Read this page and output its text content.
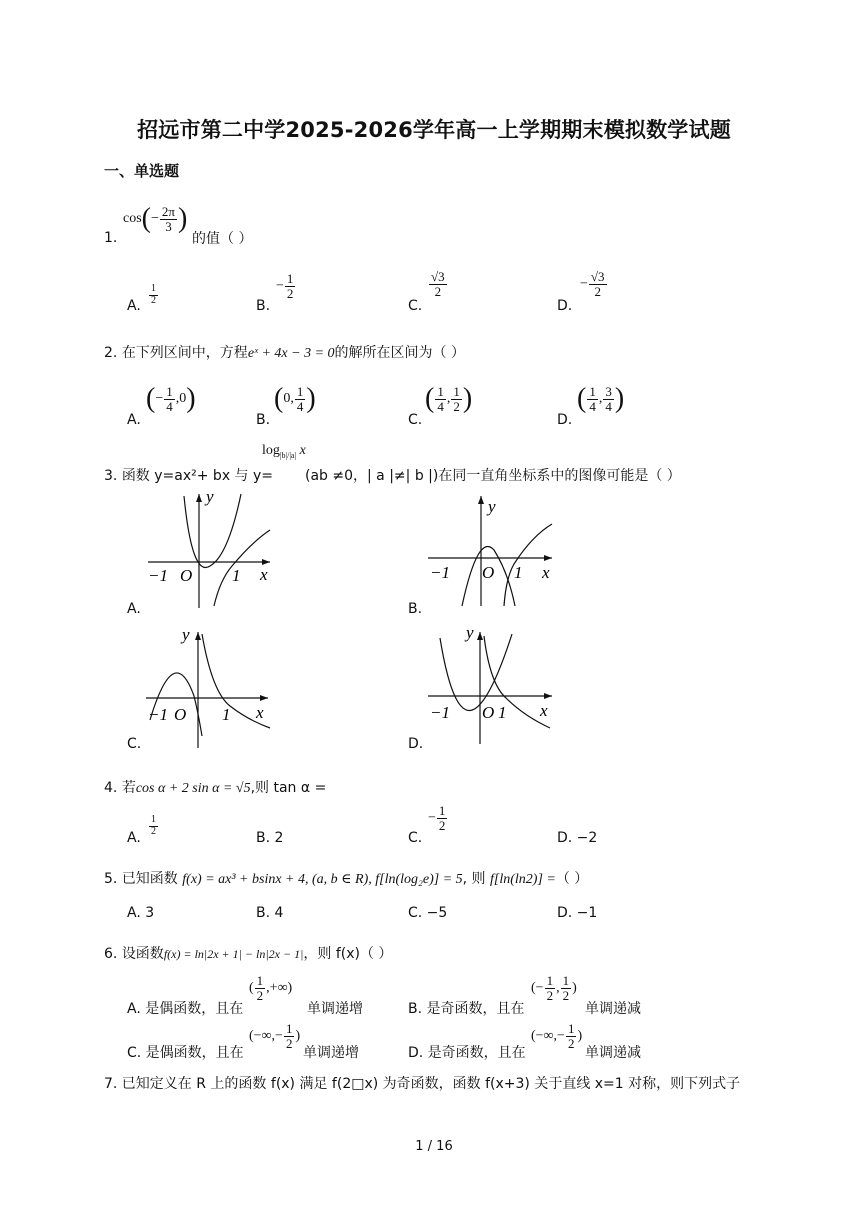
招远市第二中学2025-2026学年高一上学期期末模拟数学试题
一、单选题
1.
$\cos(- \frac{2\pi}{3}$ )
的值（ ）
A. $\frac{1}{2}$	B.
− $\frac{1}{2}$
C.
$\frac{√3}{2}$
D.
− $\frac{√3}{2}$
2. 在下列区间中，方程eˣ + 4x − 3 = 0的解所在区间为（ ）
A.
(− $\frac{1}{4} ,0$)
B.
(0, $\frac{1}{4}$ )
C.
( $\frac{1}{4}$ , $\frac{1}{2}$ )
D.
( $\frac{1}{4}$ , $\frac{3}{4}$ )
3. 函数 y=ax²+ bx 与 y=
$\log_{|b|/|a|} x$
(ab ≠0，| a |≠| b |)在同一直角坐标系中的图像可能是（ ）
y
x
O
−1	1
A.
y
x
O
−1	1
B.
y
x
O
−1	1
C.
y
x
O
−1	1
D.
4. 若cos α + 2 sin α = √5,则 tan α =
A.
$\frac{1}{2}$
B. 2	C.
− $\frac{1}{2}$
D. −2
5. 已知函数 f(x) = ax³ + bsinx + 4, (a, b ∈ R), f[ln(log₂e)] = 5, 则 f[ln(ln2)] =（ ）
A. 3	B. 4	C. −5	D. −1
6. 设函数f(x) = ln|2x + 1| − ln|2x − 1|，则 f(x)（ ）
A. 是偶函数，且在
( $\frac{1}{2}$ ,+∞)
单调递增	B. 是奇函数，且在
(− $\frac{1}{2}$ , $\frac{1}{2}$ )
单调递减
C. 是偶函数，且在
(−∞,− $\frac{1}{2}$ )
单调递增	D. 是奇函数，且在
(−∞,− $\frac{1}{2}$ )
单调递减
7. 已知定义在 R 上的函数 f(x) 满足 f(2□x) 为奇函数，函数 f(x+3) 关于直线 x=1 对称，则下列式子
1 / 16
